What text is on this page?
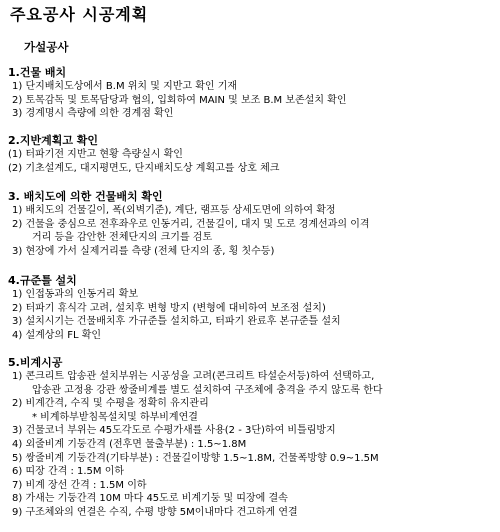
주요공사 시공계획
가설공사
1.건물 배치
1) 단지배치도상에서 B.M 위치 및 지반고 확인 기재
2) 토목감독 및 토목담당과 협의, 입회하여 MAIN 및 보조 B.M 보존설치 확인
3) 경계명시 측량에 의한 경계점 확인
2.지반계획고 확인
(1) 터파기전 지반고 현황 측량실시 확인
(2) 기초설계도, 대지평면도, 단지배치도상 계획고를 상호 체크
3. 배치도에 의한 건물배치 확인
1) 배치도의 건물길이, 폭(외벽기준), 계단, 램프등 상세도면에 의하여 확정
2) 건물을 중심으로 전후좌우로 인동거리, 건물길이, 대지 및 도로 경계선과의 이격
거리 등을 감안한 전체단지의 크기를 검토
3) 현장에 가서 실제거리를 측량 (전체 단지의 종, 횡 칫수등)
4.규준틀 설치
1) 인접동과의 인동거리 확보
2) 터파기 휴식각 고려, 설치후 변형 방지 (변형에 대비하여 보조점 설치)
3) 설치시기는 건물배치후 가규준틀 설치하고, 터파기 완료후 본규준틀 설치
4) 설계상의 FL 확인
5.비계시공
1) 콘크리트 압송관 설치부위는 시공성을 고려(콘크리트 타설순서등)하여 선택하고,
압송관 고정용 강관 쌍줄비계를 별도 설치하여 구조체에 충격을 주지 않도록 한다
2) 비계간격, 수직 및 수평을 정확히 유지관리
* 비계하부받침목설치및 하부비계연결
3) 건물코너 부위는 45도각도로 수평가새를 사용(2 - 3단)하여 비틀림방지
4) 외줄비계 기둥간격 (전후면 물출부분) : 1.5~1.8M
5) 쌍줄비계 기둥간격(기타부분) : 건물길이방향 1.5~1.8M, 건물폭방향 0.9~1.5M
6) 띠장 간격 : 1.5M 이하
7) 비계 장선 간격 : 1.5M 이하
8) 가새는 기둥간격 10M 마다 45도로 비계기둥 및 띠장에 결속
9) 구조체와의 연결은 수직, 수평 방향 5M이내마다 견고하게 연결
